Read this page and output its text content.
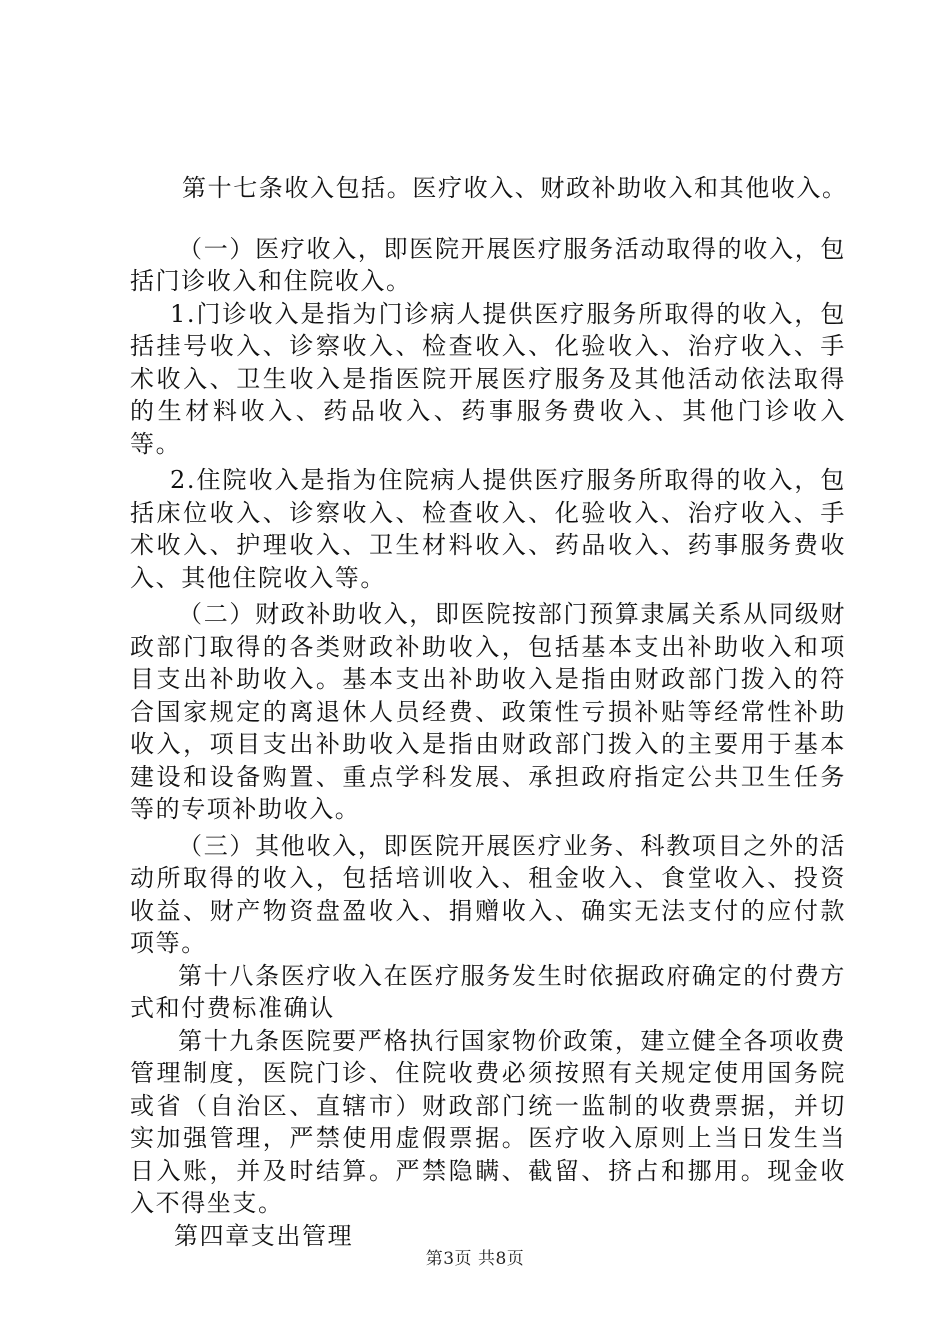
第十七条收入包括。医疗收入、财政补助收入和其他收入。

（一）医疗收入，即医院开展医疗服务活动取得的收入，包括门诊收入和住院收入。

1.门诊收入是指为门诊病人提供医疗服务所取得的收入，包括挂号收入、诊察收入、检查收入、化验收入、治疗收入、手术收入、卫生收入是指医院开展医疗服务及其他活动依法取得的生材料收入、药品收入、药事服务费收入、其他门诊收入等。

2.住院收入是指为住院病人提供医疗服务所取得的收入，包括床位收入、诊察收入、检查收入、化验收入、治疗收入、手术收入、护理收入、卫生材料收入、药品收入、药事服务费收入、其他住院收入等。

（二）财政补助收入，即医院按部门预算隶属关系从同级财政部门取得的各类财政补助收入，包括基本支出补助收入和项目支出补助收入。基本支出补助收入是指由财政部门拨入的符合国家规定的离退休人员经费、政策性亏损补贴等经常性补助收入，项目支出补助收入是指由财政部门拨入的主要用于基本建设和设备购置、重点学科发展、承担政府指定公共卫生任务等的专项补助收入。

（三）其他收入，即医院开展医疗业务、科教项目之外的活动所取得的收入，包括培训收入、租金收入、食堂收入、投资收益、财产物资盘盈收入、捐赠收入、确实无法支付的应付款项等。

第十八条医疗收入在医疗服务发生时依据政府确定的付费方式和付费标准确认

第十九条医院要严格执行国家物价政策，建立健全各项收费管理制度，医院门诊、住院收费必须按照有关规定使用国务院或省（自治区、直辖市）财政部门统一监制的收费票据，并切实加强管理，严禁使用虚假票据。医疗收入原则上当日发生当日入账，并及时结算。严禁隐瞒、截留、挤占和挪用。现金收入不得坐支。

第四章支出管理

第3页 共8页
